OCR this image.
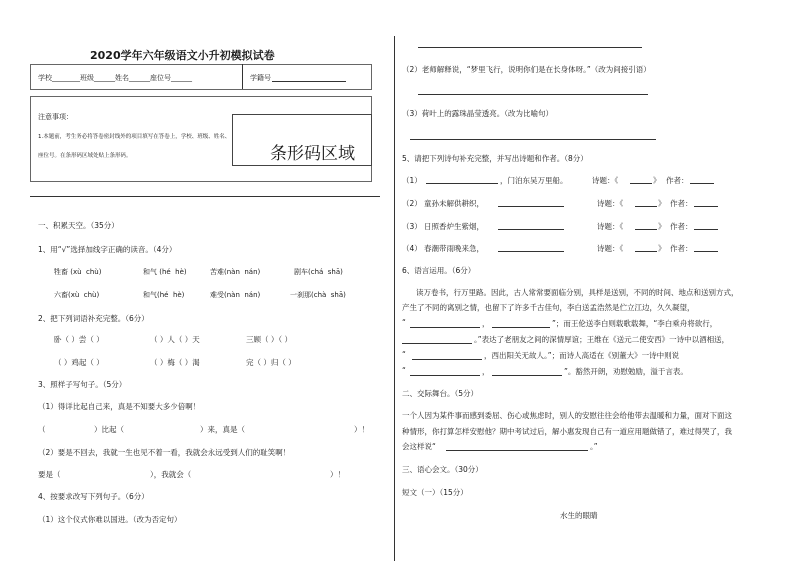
2020学年六年级语文小升初模拟试卷
学校________班级______姓名______座位号______	学籍号
注意事项：
1.本题前，考生务必将答卷密封线外的项目填写在答卷上，学校、班级、姓名、
座位号。在条形码区域处贴上条形码。	条形码区域
一、积累天空。（35分）
1、用“√”选择加线字正确的读音。（4分）
牲畜 (xù chù)	和气 (hé hè)	苦难(nàn nán)	剧车(chá shā)
六畜(xù chù)	和气(hé hè)	难受(nàn nán)	一刹那(chà shā)
2、把下列词语补充完整。（6分）
卧（ ）尝（ ）	（ ）人（ ）天	三顾（ ）（ ）
（ ）鸡起（ ）	（ ）梅（ ）渴	完（ ）归（ ）
3、照样子写句子。（5分）
（1）得详比起自己来，真是不知要大多少倍啊！
（	）比起（	）来，真是（	）！
（2）要是不回去，我就一生也见不着一看，我就会永远受到人们的耻笑啊！
要是（	），我就会（	）！
4、按要求改写下列句子。（6分）
（1）这个仪式你难以国进。（改为否定句）
（2）老师解释说，“梦里飞行，说明你们是在长身体呀。”（改为间接引语）
（3）荷叶上的露珠晶莹透亮。（改为比喻句）
5、请把下列诗句补充完整，并写出诗题和作者。（8分）
（1）	，门泊东吴万里船。	诗题：《	》 作者：
（2） 童孙未解供耕织，	诗题：《	》 作者：
（3） 日照香炉生紫烟，	诗题：《	》 作者：
（4） 春潮带雨晚来急，	诗题：《	》 作者：
6、语言运用。（6分）
读万卷书，行万里路。因此，古人常常要面临分别，具样是送别，不同的时间、地点和送别方式，
产生了不同的离别之情，也留下了许多千古佳句，李白送孟浩然是伫立江边，久久凝望，
“	，	”；而王伦送李白则载歌载舞，“李白乘舟将欲行，
。”表达了老朋友之间的深情厚谊；王维在《送元二使安西》一诗中以酒相送，
“	，西出阳关无故人。”；而诗人高适在《别董大》一诗中则说
“	，	”。豁然开朗，劝慰勉励，溢于言表。
二、交际舞台。（5分）
一个人因为某件事而感到委屈、伤心或焦虑时，别人的安慰往往会给他带去温暖和力量，面对下面这
种情形，你打算怎样安慰他？期中考试过后，解小惠发现自己有一道应用题做错了，难过得哭了，我
会这样说“	。”
三、语心会文。（30分）
短文（一）（15分）
水生的眼睛
